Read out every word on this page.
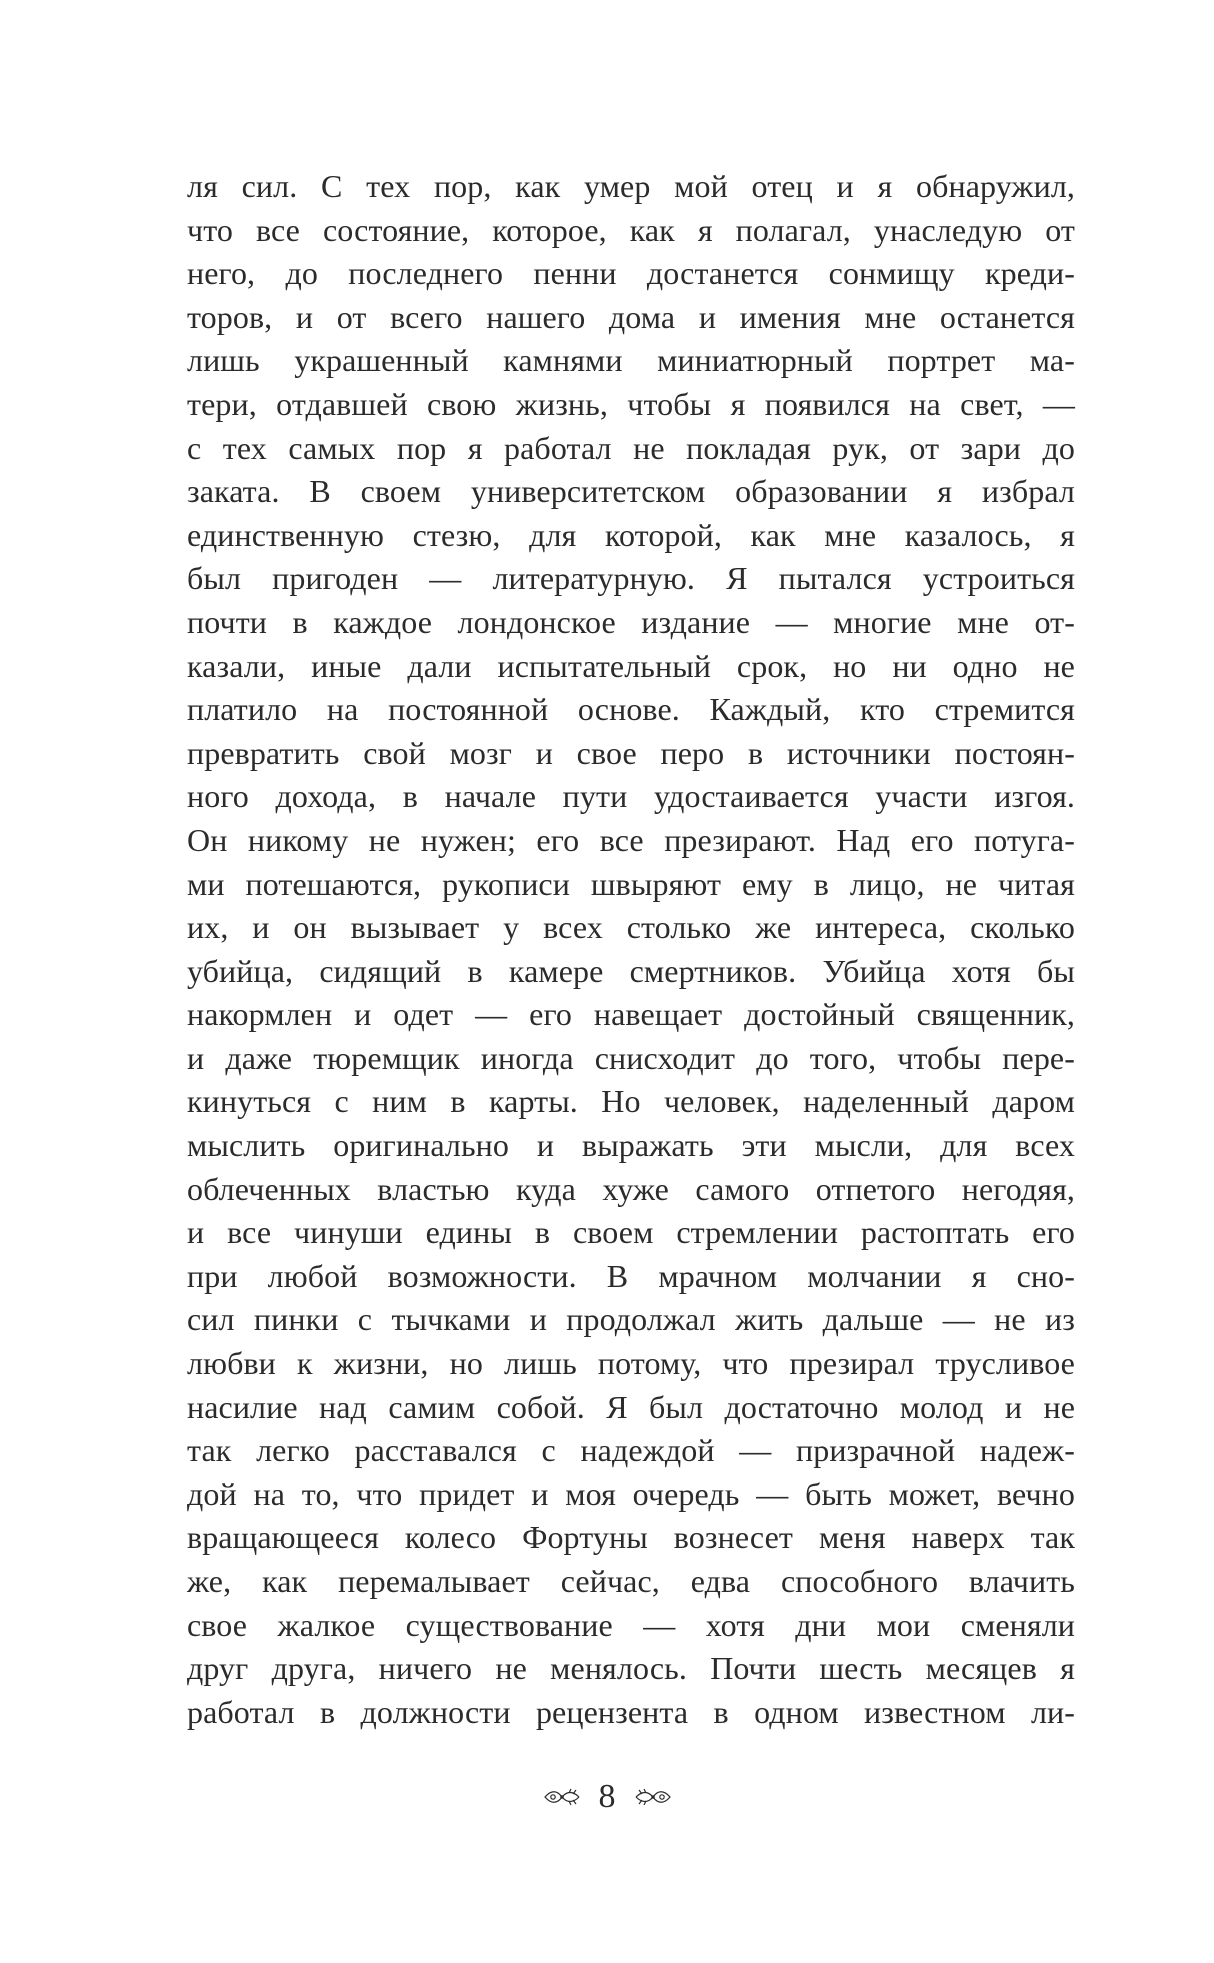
ля сил. С тех пор, как умер мой отец и я обнаружил,
что все состояние, которое, как я полагал, унаследую от
него, до последнего пенни достанется сонмищу креди-
торов, и от всего нашего дома и имения мне останется
лишь украшенный камнями миниатюрный портрет ма-
тери, отдавшей свою жизнь, чтобы я появился на свет, —
с тех самых пор я работал не покладая рук, от зари до
заката. В своем университетском образовании я избрал
единственную стезю, для которой, как мне казалось, я
был пригоден — литературную. Я пытался устроиться
почти в каждое лондонское издание — многие мне от-
казали, иные дали испытательный срок, но ни одно не
платило на постоянной основе. Каждый, кто стремится
превратить свой мозг и свое перо в источники постоян-
ного дохода, в начале пути удостаивается участи изгоя.
Он никому не нужен; его все презирают. Над его потуга-
ми потешаются, рукописи швыряют ему в лицо, не читая
их, и он вызывает у всех столько же интереса, сколько
убийца, сидящий в камере смертников. Убийца хотя бы
накормлен и одет — его навещает достойный священник,
и даже тюремщик иногда снисходит до того, чтобы пере-
кинуться с ним в карты. Но человек, наделенный даром
мыслить оригинально и выражать эти мысли, для всех
облеченных властью куда хуже самого отпетого негодяя,
и все чинуши едины в своем стремлении растоптать его
при любой возможности. В мрачном молчании я сно-
сил пинки с тычками и продолжал жить дальше — не из
любви к жизни, но лишь потому, что презирал трусливое
насилие над самим собой. Я был достаточно молод и не
так легко расставался с надеждой — призрачной надеж-
дой на то, что придет и моя очередь — быть может, вечно
вращающееся колесо Фортуны вознесет меня наверх так
же, как перемалывает сейчас, едва способного влачить
свое жалкое существование — хотя дни мои сменяли
друг друга, ничего не менялось. Почти шесть месяцев я
работал в должности рецензента в одном известном ли-
8
